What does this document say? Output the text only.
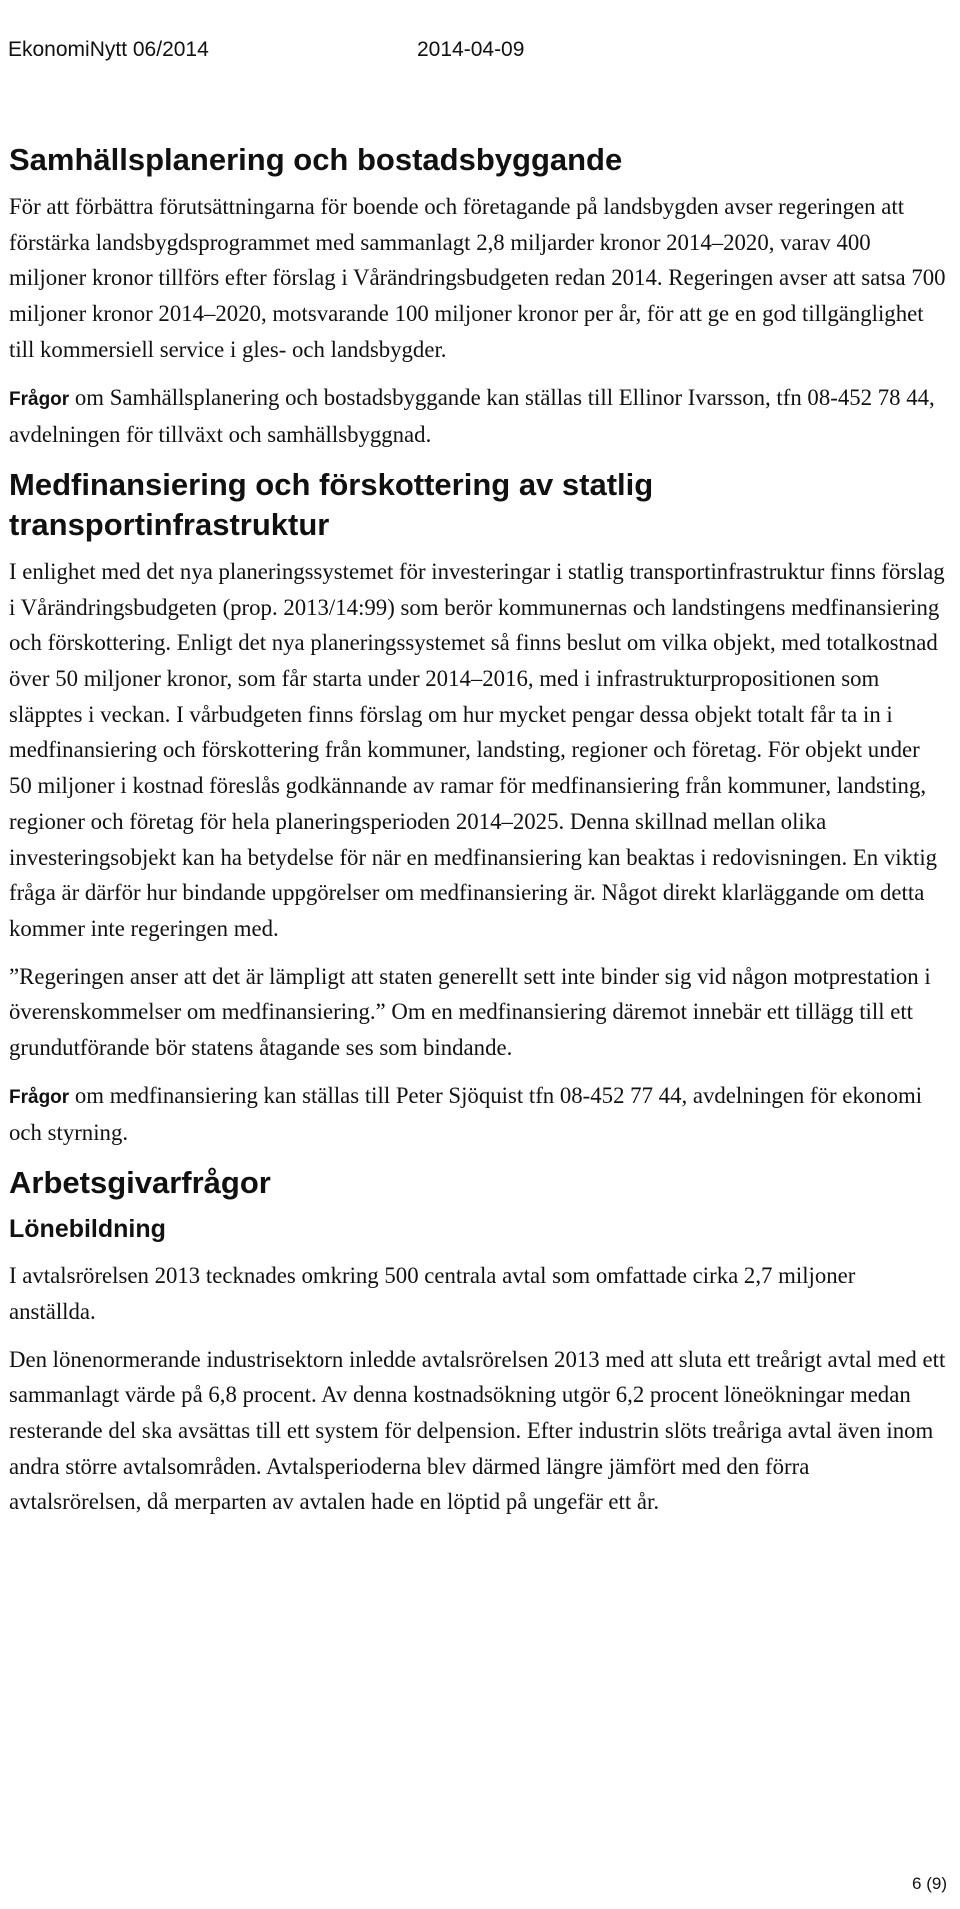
EkonomiNytt 06/2014	2014-04-09
Samhällsplanering och bostadsbyggande

För att förbättra förutsättningarna för boende och företagande på landsbygden avser regeringen att förstärka landsbygdsprogrammet med sammanlagt 2,8 miljarder kronor 2014–2020, varav 400 miljoner kronor tillförs efter förslag i Vårändringsbudgeten redan 2014. Regeringen avser att satsa 700 miljoner kronor 2014–2020, motsvarande 100 miljoner kronor per år, för att ge en god tillgänglighet till kommersiell service i gles- och landsbygder.

Frågor om Samhällsplanering och bostadsbyggande kan ställas till Ellinor Ivarsson, tfn 08-452 78 44, avdelningen för tillväxt och samhällsbyggnad.

Medfinansiering och förskottering av statlig transportinfrastruktur

I enlighet med det nya planeringssystemet för investeringar i statlig transportinfrastruktur finns förslag i Vårändringsbudgeten (prop. 2013/14:99) som berör kommunernas och landstingens medfinansiering och förskottering. Enligt det nya planeringssystemet så finns beslut om vilka objekt, med totalkostnad över 50 miljoner kronor, som får starta under 2014–2016, med i infrastrukturpropositionen som släpptes i veckan. I vårbudgeten finns förslag om hur mycket pengar dessa objekt totalt får ta in i medfinansiering och förskottering från kommuner, landsting, regioner och företag. För objekt under 50 miljoner i kostnad föreslås godkännande av ramar för medfinansiering från kommuner, landsting, regioner och företag för hela planeringsperioden 2014–2025. Denna skillnad mellan olika investeringsobjekt kan ha betydelse för när en medfinansiering kan beaktas i redovisningen. En viktig fråga är därför hur bindande uppgörelser om medfinansiering är. Något direkt klarläggande om detta kommer inte regeringen med.

”Regeringen anser att det är lämpligt att staten generellt sett inte binder sig vid någon motprestation i överenskommelser om medfinansiering.” Om en medfinansiering däremot innebär ett tillägg till ett grundutförande bör statens åtagande ses som bindande.

Frågor om medfinansiering kan ställas till Peter Sjöquist tfn 08-452 77 44, avdelningen för ekonomi och styrning.

Arbetsgivarfrågor
Lönebildning

I avtalsrörelsen 2013 tecknades omkring 500 centrala avtal som omfattade cirka 2,7 miljoner anställda.

Den lönenormerande industrisektorn inledde avtalsrörelsen 2013 med att sluta ett treårigt avtal med ett sammanlagt värde på 6,8 procent. Av denna kostnadsökning utgör 6,2 procent löneökningar medan resterande del ska avsättas till ett system för delpension. Efter industrin slöts treåriga avtal även inom andra större avtalsområden. Avtalsperioderna blev därmed längre jämfört med den förra avtalsrörelsen, då merparten av avtalen hade en löptid på ungefär ett år.

6 (9)
